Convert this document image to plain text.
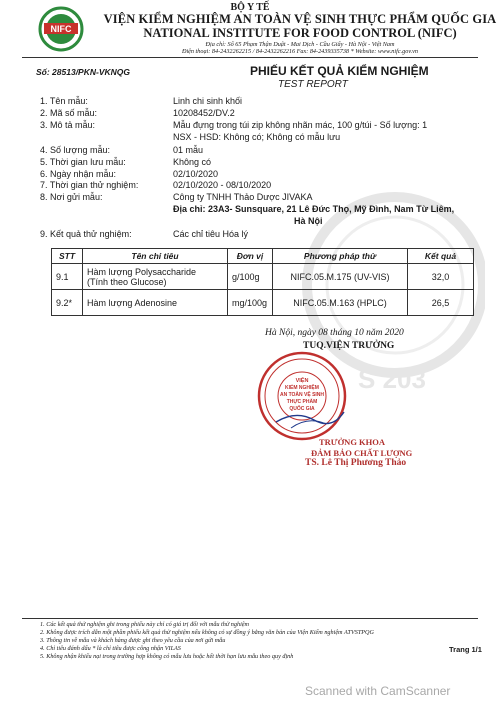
S 203
NIFC
BỘ Y TẾ
VIỆN KIỂM NGHIỆM AN TOÀN VỆ SINH THỰC PHẨM QUỐC GIA
NATIONAL INSTITUTE FOR FOOD CONTROL (NIFC)
Địa chỉ: Số 65 Phạm Thận Duật - Mai Dịch - Cầu Giấy - Hà Nội - Việt Nam
Điện thoại: 84-2432262215 / 84-2432262216 Fax: 84-2439335738 * Website: www.nifc.gov.vn
Số: 28513/PKN-VKNQG	PHIẾU KẾT QUẢ KIỂM NGHIỆM
TEST REPORT
1. Tên mẫu:	Linh chi sinh khối
2. Mã số mẫu:	10208452/DV.2
3. Mô tả mẫu:	Mẫu đựng trong túi zip không nhãn mác, 100 g/túi - Số lượng: 1
NSX - HSD: Không có; Không có mẫu lưu
4. Số lượng mẫu:	01 mẫu
5. Thời gian lưu mẫu:	Không có
6. Ngày nhận mẫu:	02/10/2020
7. Thời gian thử nghiệm:	02/10/2020 - 08/10/2020
8. Nơi gửi mẫu:	Công ty TNHH Thảo Dược JIVAKA
Địa chỉ: 23A3- Sunsquare, 21 Lê Đức Thọ, Mỹ Đình, Nam Từ Liêm,
Hà Nội
9. Kết quả thử nghiệm:	Các chỉ tiêu Hóa lý
STT	Tên chỉ tiêu	Đơn vị	Phương pháp thử	Kết quả
9.1	Hàm lượng Polysaccharide
(Tính theo Glucose)	g/100g	NIFC.05.M.175 (UV-VIS)	32,0
9.2*	Hàm lượng Adenosine	mg/100g	NIFC.05.M.163 (HPLC)	26,5
Hà Nội, ngày 08 tháng 10 năm 2020
TUQ.VIỆN TRƯỞNG
VIỆN
KIỂM NGHIỆM
AN TOÀN VỆ SINH
THỰC PHẨM
QUỐC GIA
TRƯỞNG KHOA
ĐẢM BẢO CHẤT LƯỢNG
TS. Lê Thị Phương Thảo
1. Các kết quả thử nghiệm ghi trong phiếu này chỉ có giá trị đối với mẫu thử nghiệm
2. Không được trích dẫn một phần phiếu kết quả thử nghiệm nếu không có sự đồng ý bằng văn bản của Viện Kiểm nghiệm ATVSTPQG
3. Thông tin về mẫu và khách hàng được ghi theo yêu cầu của nơi gửi mẫu
4. Chỉ tiêu đánh dấu * là chỉ tiêu được công nhận VILAS
5. Không nhận khiếu nại trong trường hợp không có mẫu lưu hoặc hết thời hạn lưu mẫu theo quy định
Trang 1/1
Scanned with CamScanner
